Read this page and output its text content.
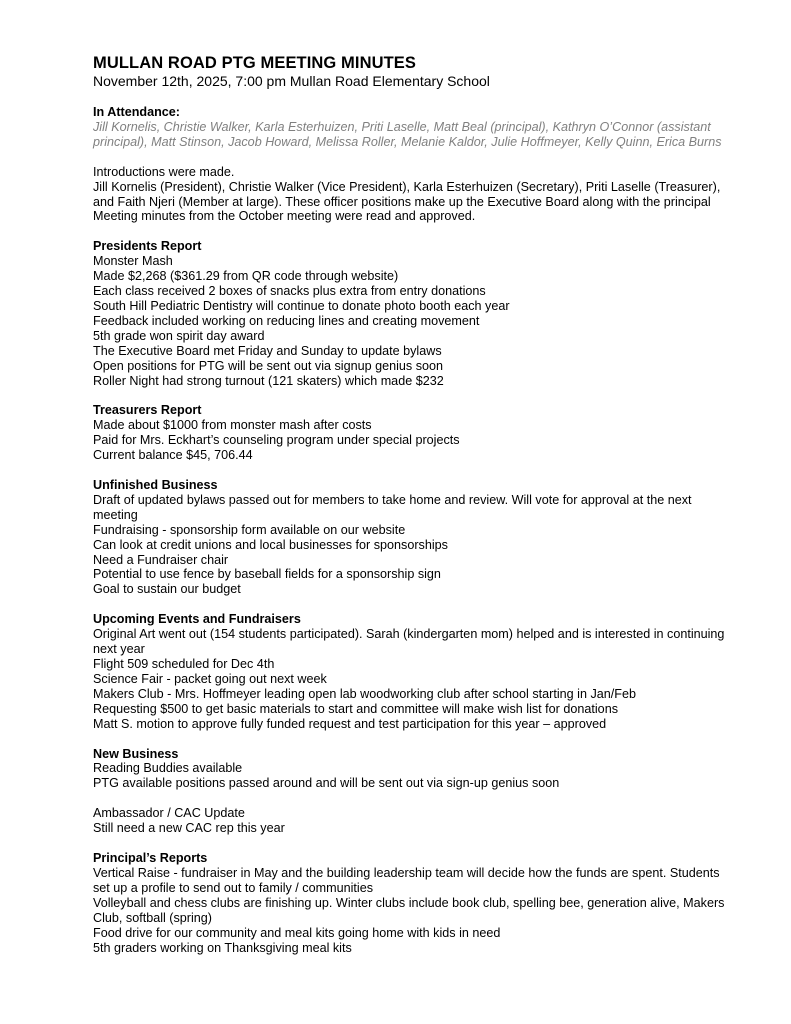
MULLAN ROAD PTG MEETING MINUTES

November 12th, 2025, 7:00 pm Mullan Road Elementary School

In Attendance:

Jill Kornelis, Christie Walker, Karla Esterhuizen, Priti Laselle, Matt Beal (principal), Kathryn O’Connor (assistant principal), Matt Stinson, Jacob Howard, Melissa Roller, Melanie Kaldor, Julie Hoffmeyer, Kelly Quinn, Erica Burns

Introductions were made.

Jill Kornelis (President), Christie Walker (Vice President), Karla Esterhuizen (Secretary), Priti Laselle (Treasurer), and Faith Njeri (Member at large). These officer positions make up the Executive Board along with the principal Meeting minutes from the October meeting were read and approved.

Presidents Report

Monster Mash

Made $2,268 ($361.29 from QR code through website)

Each class received 2 boxes of snacks plus extra from entry donations

South Hill Pediatric Dentistry will continue to donate photo booth each year

Feedback included working on reducing lines and creating movement

5th grade won spirit day award

The Executive Board met Friday and Sunday to update bylaws

Open positions for PTG will be sent out via signup genius soon

Roller Night had strong turnout (121 skaters) which made $232

Treasurers Report

Made about $1000 from monster mash after costs

Paid for Mrs. Eckhart’s counseling program under special projects

Current balance $45, 706.44

Unfinished Business

Draft of updated bylaws passed out for members to take home and review. Will vote for approval at the next meeting

Fundraising - sponsorship form available on our website

Can look at credit unions and local businesses for sponsorships

Need a Fundraiser chair

Potential to use fence by baseball fields for a sponsorship sign

Goal to sustain our budget

Upcoming Events and Fundraisers

Original Art went out (154 students participated). Sarah (kindergarten mom) helped and is interested in continuing next year

Flight 509 scheduled for Dec 4th

Science Fair - packet going out next week

Makers Club - Mrs. Hoffmeyer leading open lab woodworking club after school starting in Jan/Feb

Requesting $500 to get basic materials to start and committee will make wish list for donations

Matt S. motion to approve fully funded request and test participation for this year – approved

New Business

Reading Buddies available

PTG available positions passed around and will be sent out via sign-up genius soon

Ambassador / CAC Update

Still need a new CAC rep this year

Principal’s Reports

Vertical Raise - fundraiser in May and the building leadership team will decide how the funds are spent. Students set up a profile to send out to family / communities

Volleyball and chess clubs are finishing up. Winter clubs include book club, spelling bee, generation alive, Makers Club, softball (spring)

Food drive for our community and meal kits going home with kids in need

5th graders working on Thanksgiving meal kits
